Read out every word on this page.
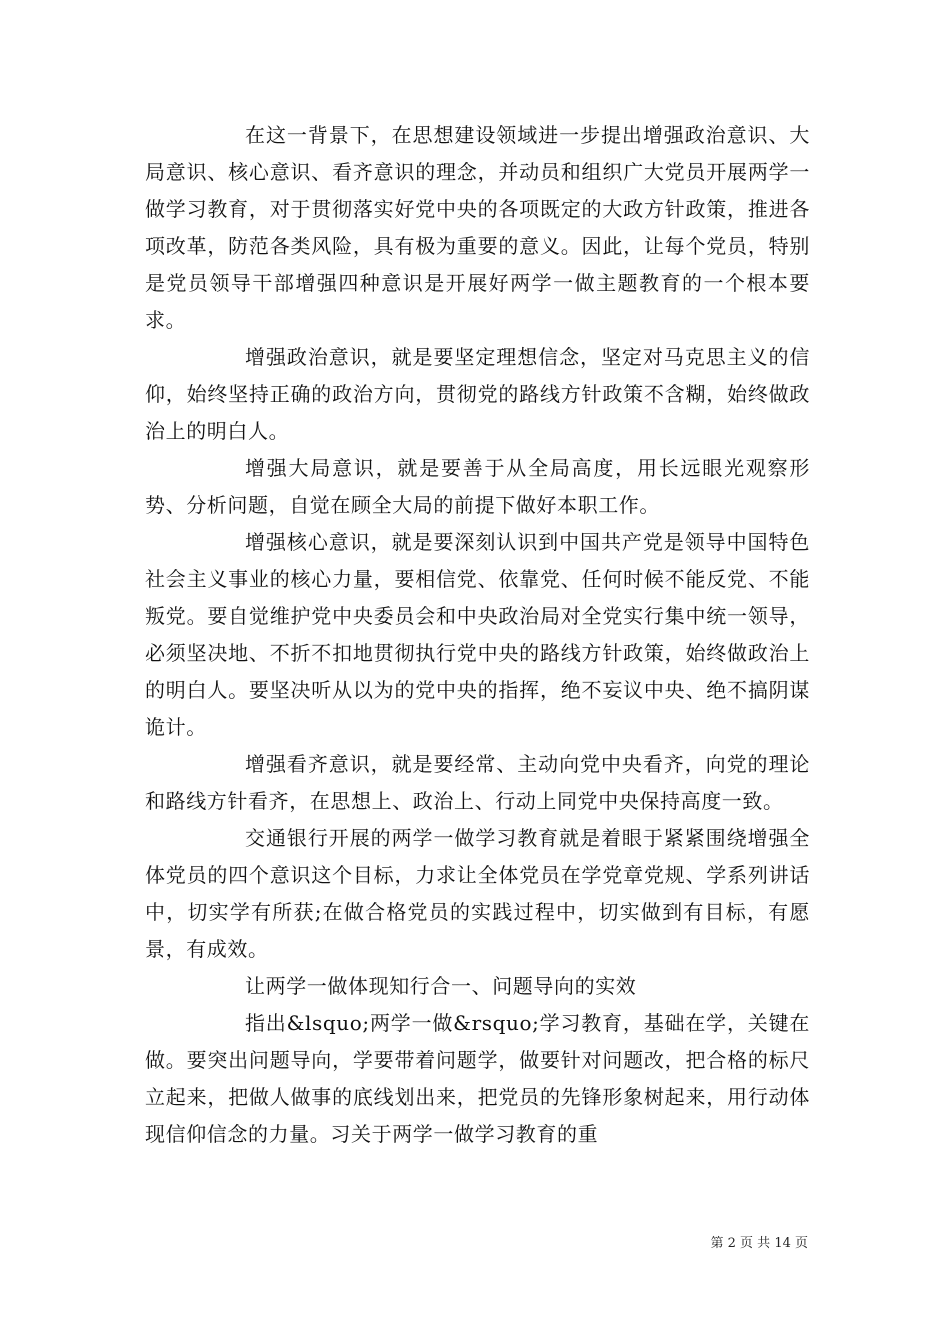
在这一背景下，在思想建设领域进一步提出增强政治意识、大局意识、核心意识、看齐意识的理念，并动员和组织广大党员开展两学一做学习教育，对于贯彻落实好党中央的各项既定的大政方针政策，推进各项改革，防范各类风险，具有极为重要的意义。因此，让每个党员，特别是党员领导干部增强四种意识是开展好两学一做主题教育的一个根本要求。

增强政治意识，就是要坚定理想信念，坚定对马克思主义的信仰，始终坚持正确的政治方向，贯彻党的路线方针政策不含糊，始终做政治上的明白人。

增强大局意识，就是要善于从全局高度，用长远眼光观察形势、分析问题，自觉在顾全大局的前提下做好本职工作。

增强核心意识，就是要深刻认识到中国共产党是领导中国特色社会主义事业的核心力量，要相信党、依靠党、任何时候不能反党、不能叛党。要自觉维护党中央委员会和中央政治局对全党实行集中统一领导，必须坚决地、不折不扣地贯彻执行党中央的路线方针政策，始终做政治上的明白人。要坚决听从以为的党中央的指挥，绝不妄议中央、绝不搞阴谋诡计。

增强看齐意识，就是要经常、主动向党中央看齐，向党的理论和路线方针看齐，在思想上、政治上、行动上同党中央保持高度一致。

交通银行开展的两学一做学习教育就是着眼于紧紧围绕增强全体党员的四个意识这个目标，力求让全体党员在学党章党规、学系列讲话中，切实学有所获;在做合格党员的实践过程中，切实做到有目标，有愿景，有成效。

让两学一做体现知行合一、问题导向的实效

指出&lsquo;两学一做&rsquo;学习教育，基础在学，关键在做。要突出问题导向，学要带着问题学，做要针对问题改，把合格的标尺立起来，把做人做事的底线划出来，把党员的先锋形象树起来，用行动体现信仰信念的力量。习关于两学一做学习教育的重

第 2 页 共 14 页
